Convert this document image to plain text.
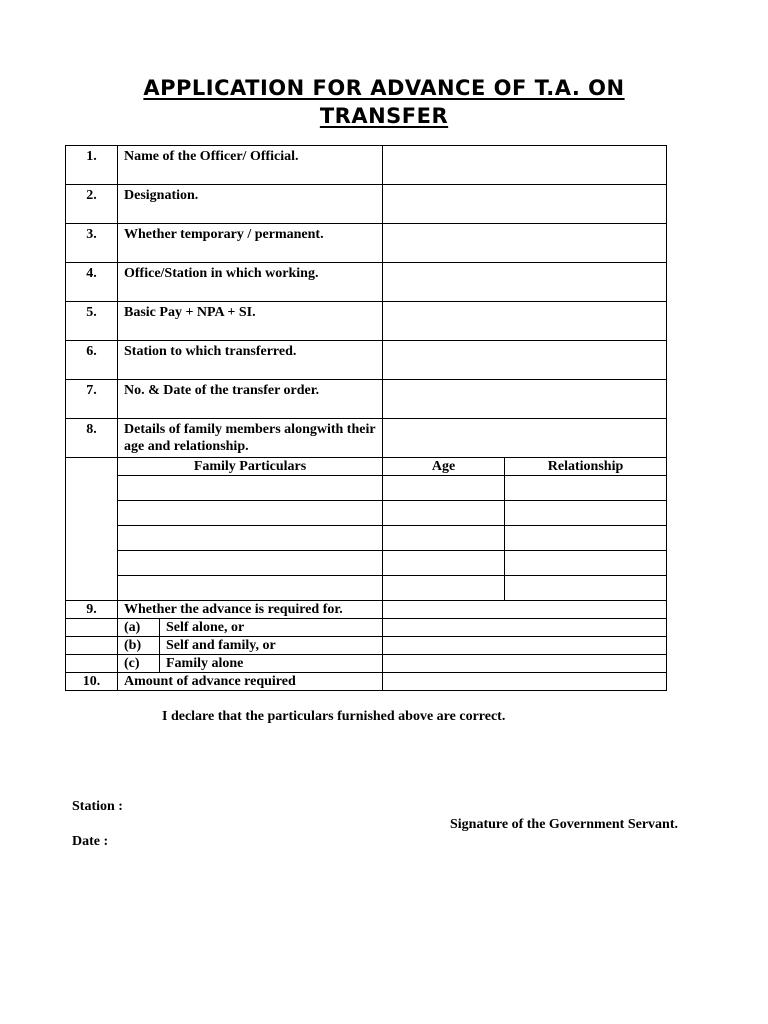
APPLICATION FOR ADVANCE OF T.A. ON
TRANSFER
1.	Name of the Officer/ Official.			
2.	Designation.			
3.	Whether temporary / permanent.			
4.	Office/Station in which working.			
5.	Basic Pay + NPA + SI.			
6.	Station to which transferred.			
7.	No. & Date of the transfer order.			
8.	Details of family members alongwith their age and relationship.			
	Family Particulars		Age	Relationship

9.	Whether the advance is required for.			
	(a)	Self alone, or		
	(b)	Self and family, or		
	(c)	Family alone		
10.	Amount of advance required			
I declare that the particulars furnished above are correct.
Station :
Date :
Signature of the Government Servant.
